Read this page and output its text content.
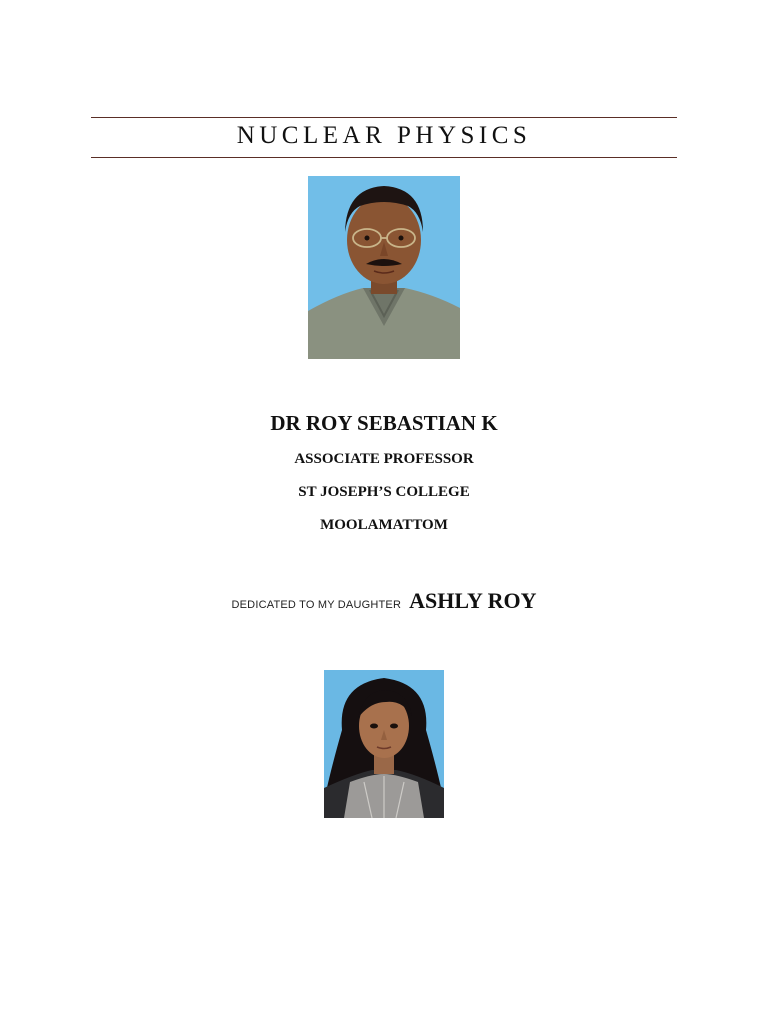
NUCLEAR PHYSICS
DR ROY SEBASTIAN K
ASSOCIATE PROFESSOR
ST JOSEPH’S COLLEGE
MOOLAMATTOM
DEDICATED TO MY DAUGHTER ASHLY ROY
